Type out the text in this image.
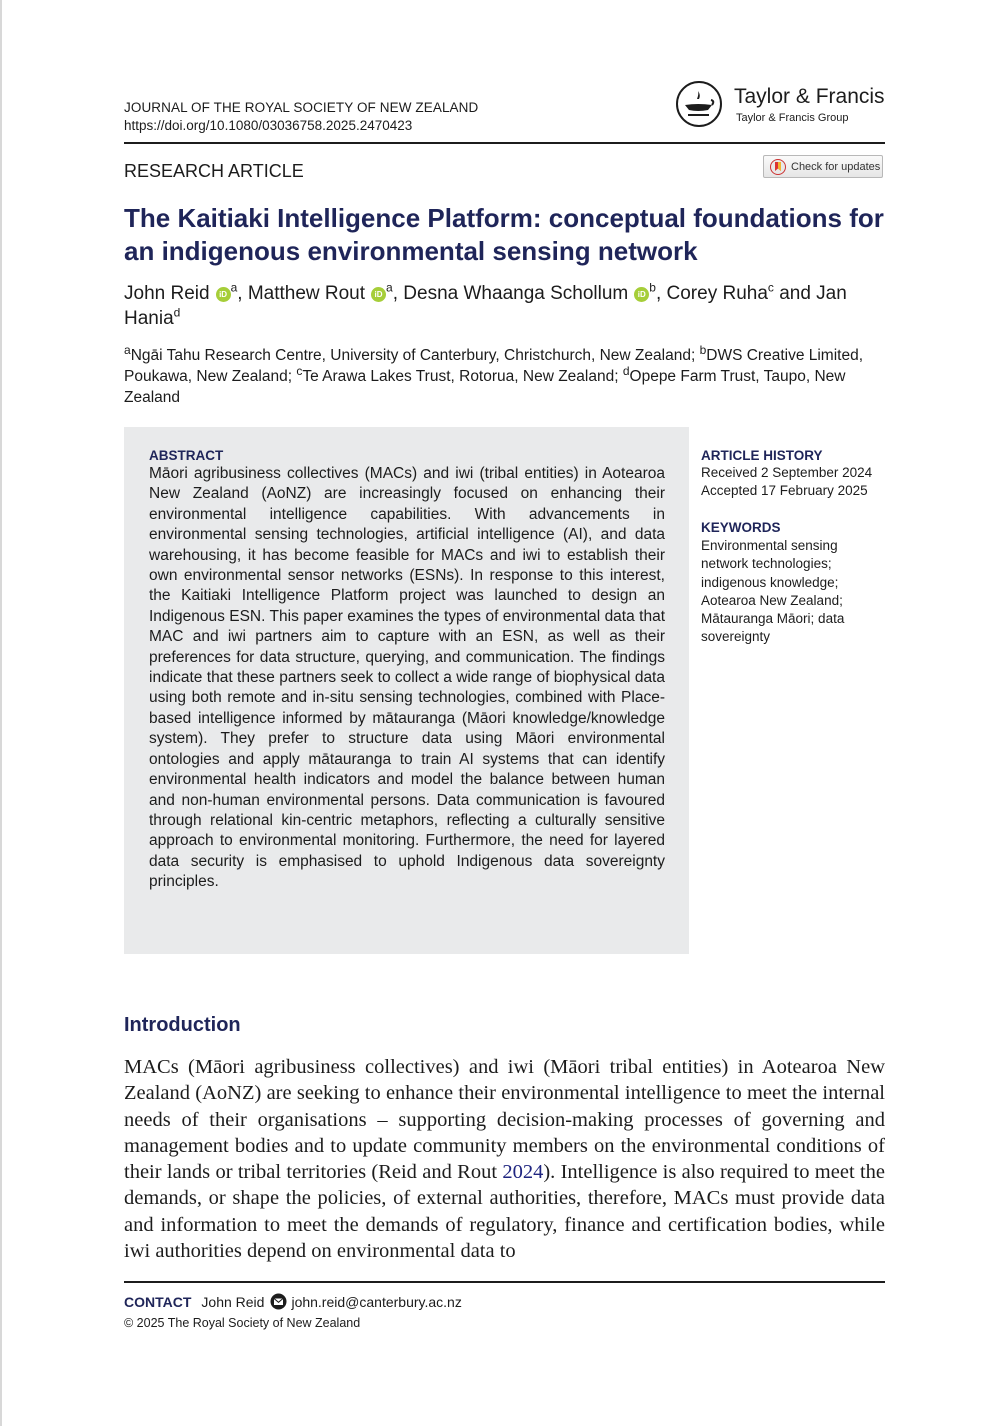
JOURNAL OF THE ROYAL SOCIETY OF NEW ZEALAND
https://doi.org/10.1080/03036758.2025.2470423
Taylor & Francis
Taylor & Francis Group
RESEARCH ARTICLE	Check for updates
The Kaitiaki Intelligence Platform: conceptual foundations for an indigenous environmental sensing network
John Reid iD $^a$, Matthew Rout iD $^a$, Desna Whaanga Schollum iD $^b$, Corey Ruha$^c$ and Jan Hania$^d$
$^a$Ngāi Tahu Research Centre, University of Canterbury, Christchurch, New Zealand; $^b$DWS Creative Limited, Poukawa, New Zealand; $^c$Te Arawa Lakes Trust, Rotorua, New Zealand; $^d$Opepe Farm Trust, Taupo, New Zealand
ABSTRACT
Māori agribusiness collectives (MACs) and iwi (tribal entities) in Aotearoa New Zealand (AoNZ) are increasingly focused on enhancing their environmental intelligence capabilities. With advancements in environmental sensing technologies, artificial intelligence (AI), and data warehousing, it has become feasible for MACs and iwi to establish their own environmental sensor networks (ESNs). In response to this interest, the Kaitiaki Intelligence Platform project was launched to design an Indigenous ESN. This paper examines the types of environmental data that MAC and iwi partners aim to capture with an ESN, as well as their preferences for data structure, querying, and communication. The findings indicate that these partners seek to collect a wide range of biophysical data using both remote and in-situ sensing technologies, combined with Place-based intelligence informed by mātauranga (Māori knowledge/knowledge system). They prefer to structure data using Māori environmental ontologies and apply mātauranga to train AI systems that can identify environmental health indicators and model the balance between human and non-human environmental persons. Data communication is favoured through relational kin-centric metaphors, reflecting a culturally sensitive approach to environmental monitoring. Furthermore, the need for layered data security is emphasised to uphold Indigenous data sovereignty principles.
ARTICLE HISTORY
Received 2 September 2024
Accepted 17 February 2025
KEYWORDS
Environmental sensing network technologies;
indigenous knowledge;
Aotearoa New Zealand;
Mātauranga Māori; data sovereignty
Introduction
MACs (Māori agribusiness collectives) and iwi (Māori tribal entities) in Aotearoa New Zealand (AoNZ) are seeking to enhance their environmental intelligence to meet the internal needs of their organisations – supporting decision-making processes of governing and management bodies and to update community members on the environmental conditions of their lands or tribal territories (Reid and Rout 2024). Intelligence is also required to meet the demands, or shape the policies, of external authorities, therefore, MACs must provide data and information to meet the demands of regulatory, finance and certification bodies, while iwi authorities depend on environmental data to
CONTACT John Reid john.reid@canterbury.ac.nz
© 2025 The Royal Society of New Zealand
